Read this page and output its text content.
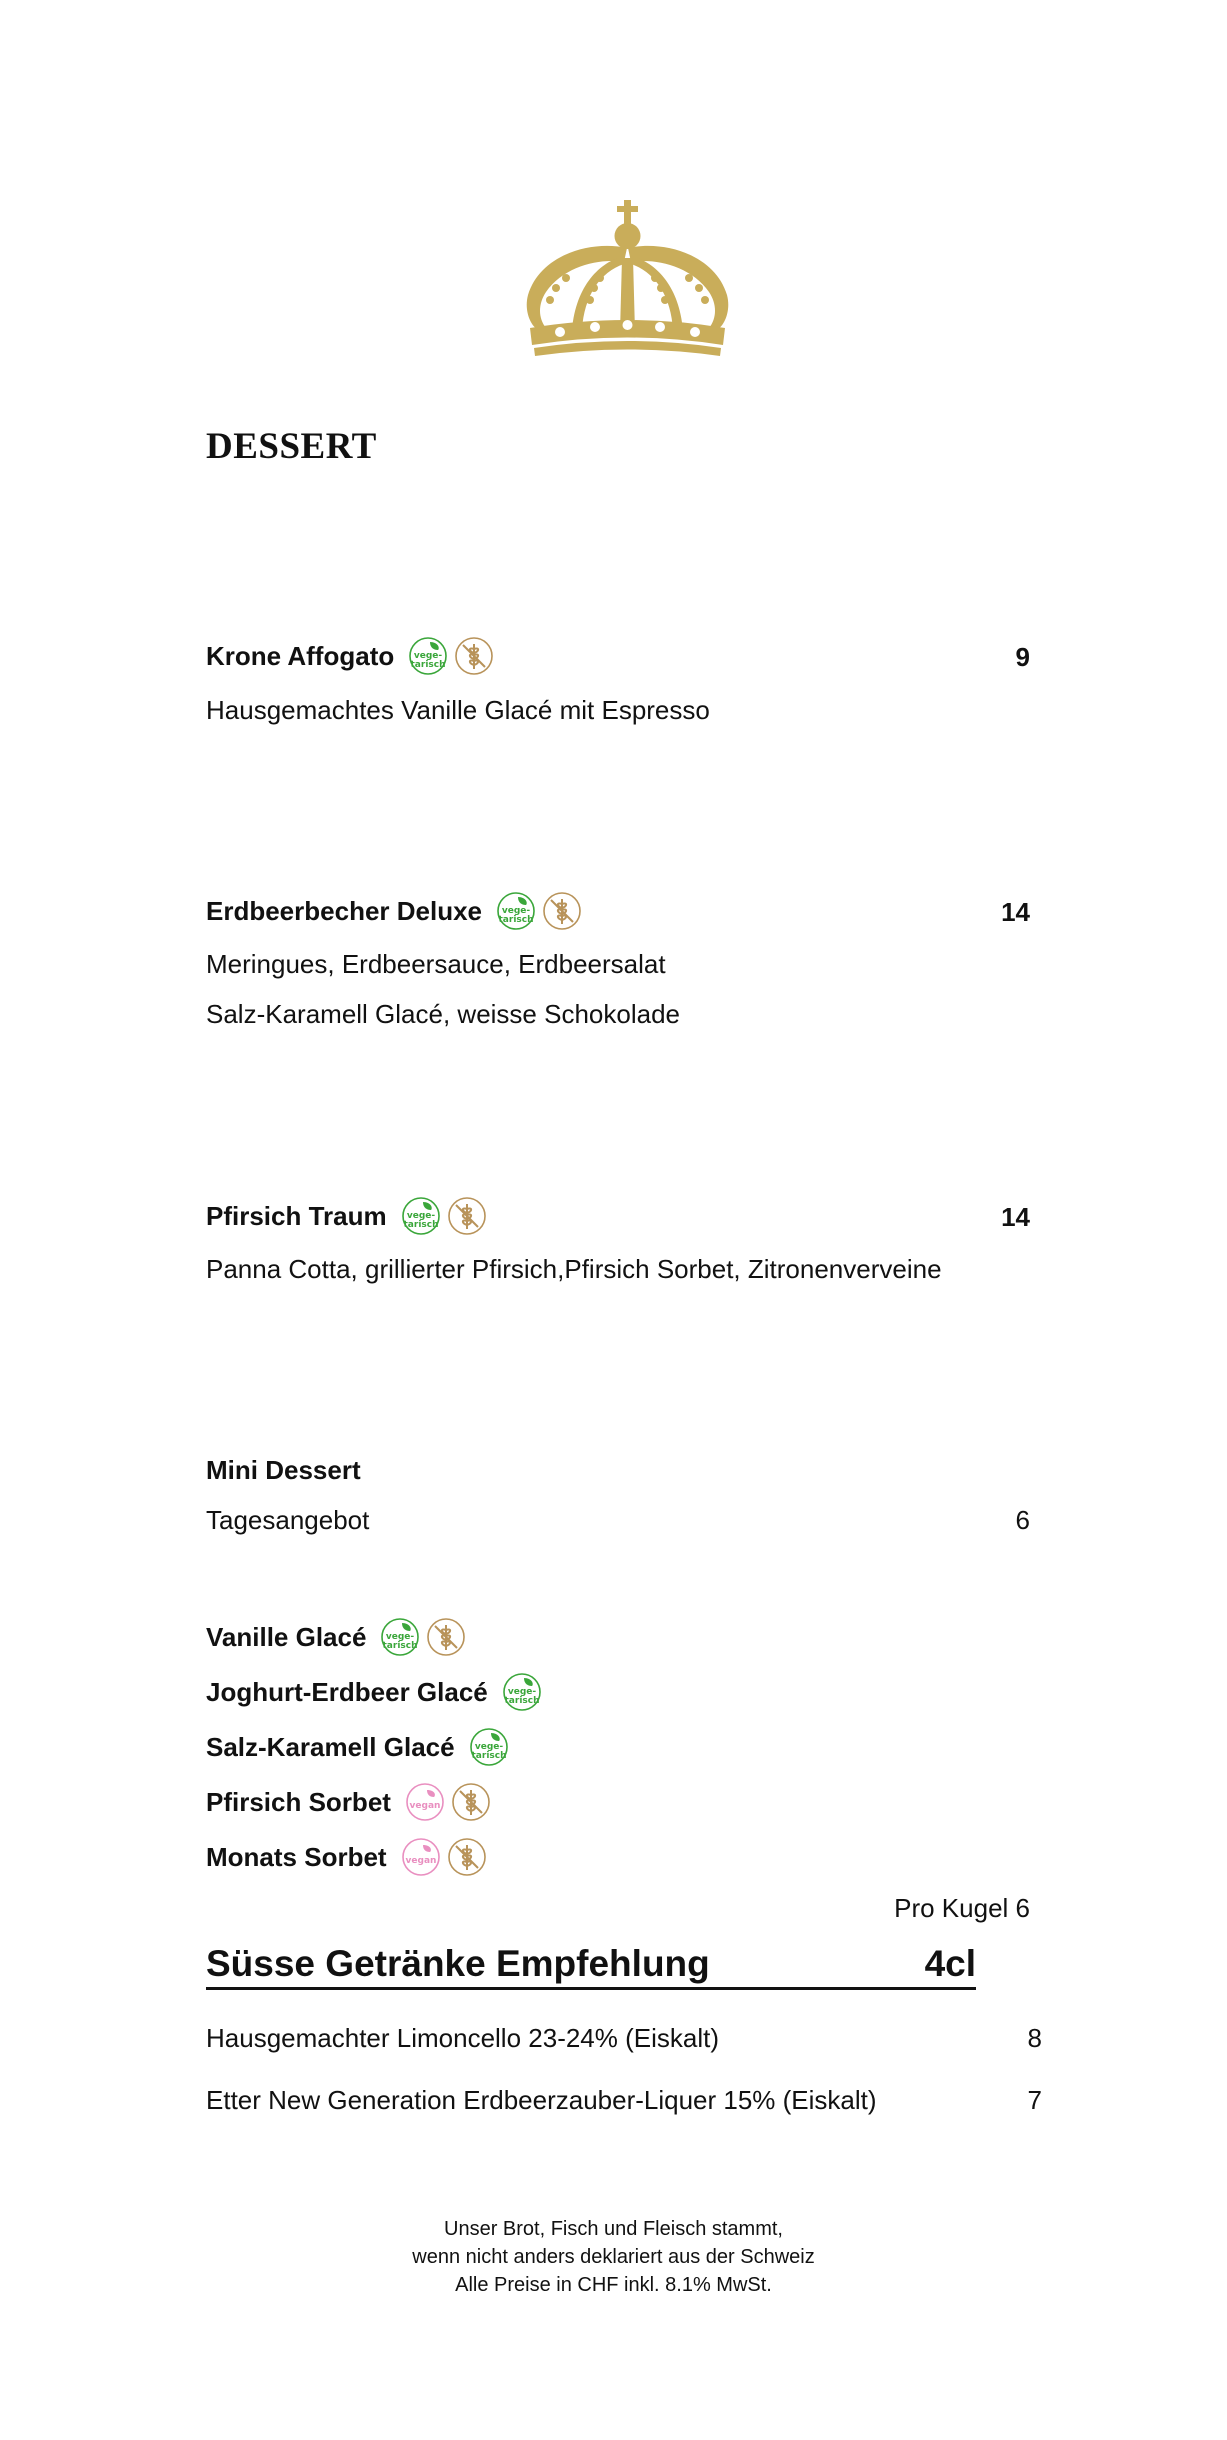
DESSERT
Krone Affogato vege-
tarisch	9
Hausgemachtes Vanille Glacé mit Espresso
Erdbeerbecher Deluxe vege-
tarisch	14
Meringues, Erdbeersauce, Erdbeersalat
Salz-Karamell Glacé, weisse Schokolade
Pfirsich Traum vege-
tarisch	14
Panna Cotta, grillierter Pfirsich,Pfirsich Sorbet, Zitronenverveine
Mini Dessert
Tagesangebot	6
Vanille Glacé vege-
tarisch
Joghurt-Erdbeer Glacé vege-
tarisch
Salz-Karamell Glacé vege-
tarisch
Pfirsich Sorbet vegan
Monats Sorbet vegan
Pro Kugel 6
Süsse Getränke Empfehlung	4cl
Hausgemachter Limoncello 23-24% (Eiskalt)	8
Etter New Generation Erdbeerzauber-Liquer 15% (Eiskalt)	7
Unser Brot, Fisch und Fleisch stammt,
wenn nicht anders deklariert aus der Schweiz
Alle Preise in CHF inkl. 8.1% MwSt.
